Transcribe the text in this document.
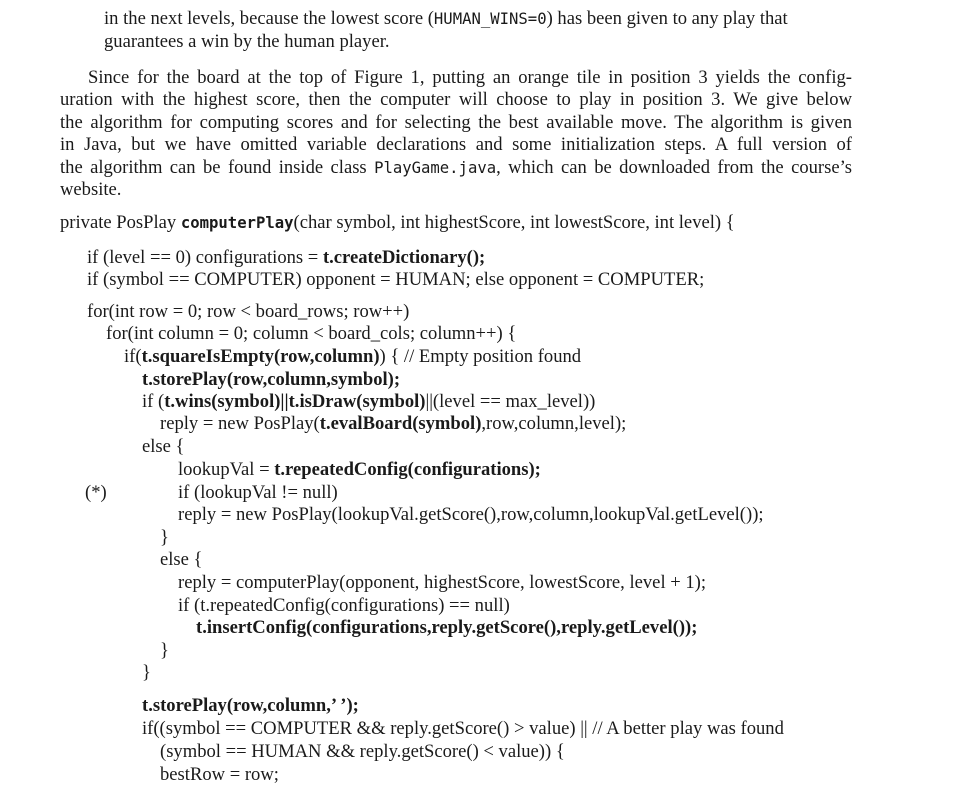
in the next levels, because the lowest score (HUMAN_WINS=0) has been given to any play that
guarantees a win by the human player.
Since for the board at the top of Figure 1, putting an orange tile in position 3 yields the config-
uration with the highest score, then the computer will choose to play in position 3. We give below
the algorithm for computing scores and for selecting the best available move. The algorithm is given
in Java, but we have omitted variable declarations and some initialization steps. A full version of
the algorithm can be found inside class PlayGame.java, which can be downloaded from the course’s
website.
private PosPlay computerPlay(char symbol, int highestScore, int lowestScore, int level) {
if (level == 0) configurations = t.createDictionary();
if (symbol == COMPUTER) opponent = HUMAN; else opponent = COMPUTER;
for(int row = 0; row < board_rows; row++)
for(int column = 0; column < board_cols; column++) {
if(t.squareIsEmpty(row,column)) { // Empty position found
t.storePlay(row,column,symbol);
if (t.wins(symbol)||t.isDraw(symbol)||(level == max_level))
reply = new PosPlay(t.evalBoard(symbol),row,column,level);
else {
lookupVal = t.repeatedConfig(configurations);
(*)	if (lookupVal != null)
reply = new PosPlay(lookupVal.getScore(),row,column,lookupVal.getLevel());
}
else {
reply = computerPlay(opponent, highestScore, lowestScore, level + 1);
if (t.repeatedConfig(configurations) == null)
t.insertConfig(configurations,reply.getScore(),reply.getLevel());
}
}
t.storePlay(row,column,’ ’);
if((symbol == COMPUTER && reply.getScore() > value) || // A better play was found
(symbol == HUMAN && reply.getScore() < value)) {
bestRow = row;
